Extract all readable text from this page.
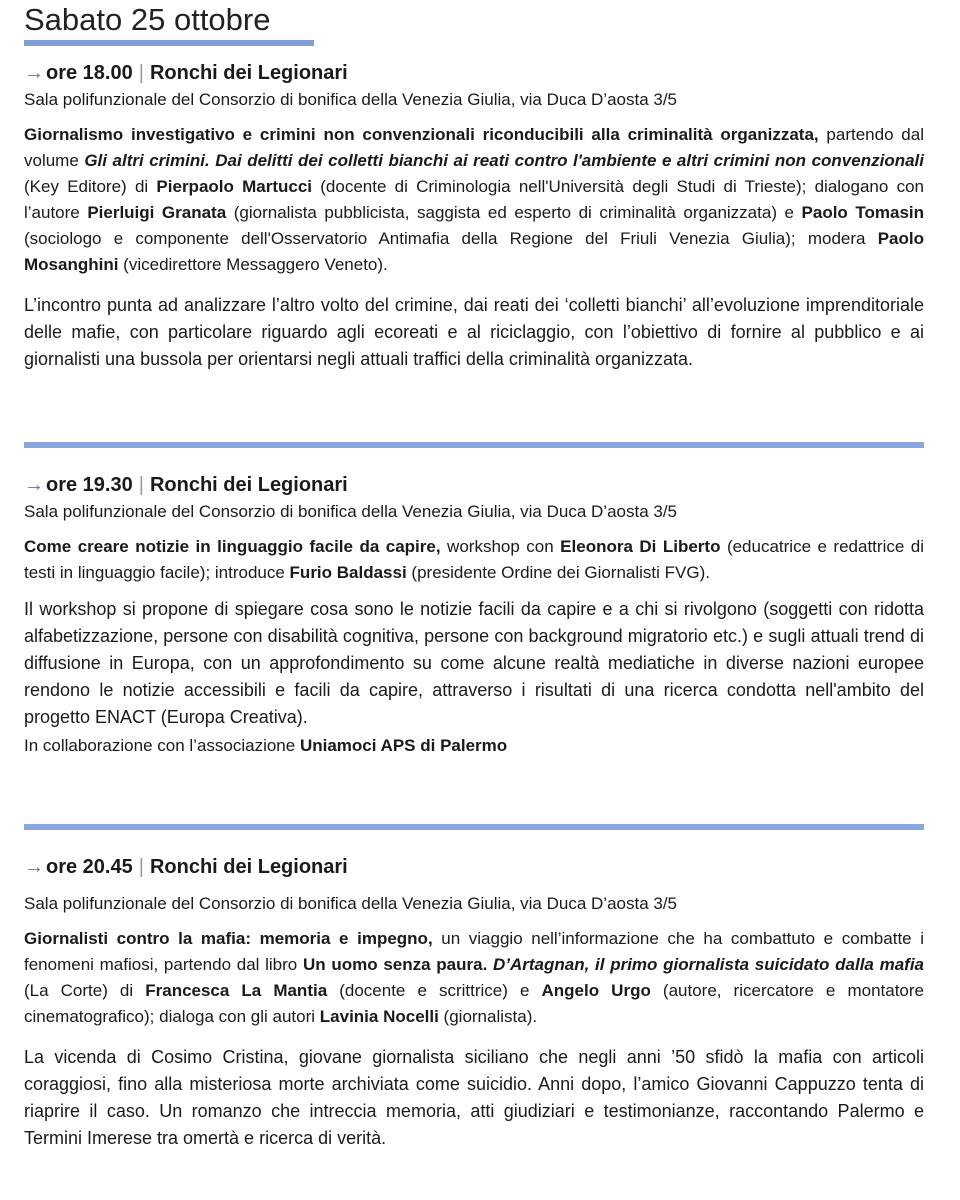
Sabato 25 ottobre
→ ore 18.00 | Ronchi dei Legionari
Sala polifunzionale del Consorzio di bonifica della Venezia Giulia, via Duca D’aosta 3/5

Giornalismo investigativo e crimini non convenzionali riconducibili alla criminalità organizzata, partendo dal volume Gli altri crimini. Dai delitti dei colletti bianchi ai reati contro l'ambiente e altri crimini non convenzionali (Key Editore) di Pierpaolo Martucci (docente di Criminologia nell'Università degli Studi di Trieste); dialogano con l’autore Pierluigi Granata (giornalista pubblicista, saggista ed esperto di criminalità organizzata) e Paolo Tomasin (sociologo e componente dell'Osservatorio Antimafia della Regione del Friuli Venezia Giulia); modera Paolo Mosanghini (vicedirettore Messaggero Veneto).

L’incontro punta ad analizzare l’altro volto del crimine, dai reati dei ‘colletti bianchi’ all’evoluzione imprenditoriale delle mafie, con particolare riguardo agli ecoreati e al riciclaggio, con l’obiettivo di fornire al pubblico e ai giornalisti una bussola per orientarsi negli attuali traffici della criminalità organizzata.

→ ore 19.30 | Ronchi dei Legionari
Sala polifunzionale del Consorzio di bonifica della Venezia Giulia, via Duca D’aosta 3/5

Come creare notizie in linguaggio facile da capire, workshop con Eleonora Di Liberto (educatrice e redattrice di testi in linguaggio facile); introduce Furio Baldassi (presidente Ordine dei Giornalisti FVG).

Il workshop si propone di spiegare cosa sono le notizie facili da capire e a chi si rivolgono (soggetti con ridotta alfabetizzazione, persone con disabilità cognitiva, persone con background migratorio etc.) e sugli attuali trend di diffusione in Europa, con un approfondimento su come alcune realtà mediatiche in diverse nazioni europee rendono le notizie accessibili e facili da capire, attraverso i risultati di una ricerca condotta nell'ambito del progetto ENACT (Europa Creativa).

In collaborazione con l’associazione Uniamoci APS di Palermo
→ ore 20.45 | Ronchi dei Legionari
Sala polifunzionale del Consorzio di bonifica della Venezia Giulia, via Duca D’aosta 3/5

Giornalisti contro la mafia: memoria e impegno, un viaggio nell’informazione che ha combattuto e combatte i fenomeni mafiosi, partendo dal libro Un uomo senza paura. D’Artagnan, il primo giornalista suicidato dalla mafia (La Corte) di Francesca La Mantia (docente e scrittrice) e Angelo Urgo (autore, ricercatore e montatore cinematografico); dialoga con gli autori Lavinia Nocelli (giornalista).

La vicenda di Cosimo Cristina, giovane giornalista siciliano che negli anni ’50 sfidò la mafia con articoli coraggiosi, fino alla misteriosa morte archiviata come suicidio. Anni dopo, l’amico Giovanni Cappuzzo tenta di riaprire il caso. Un romanzo che intreccia memoria, atti giudiziari e testimonianze, raccontando Palermo e Termini Imerese tra omertà e ricerca di verità.
